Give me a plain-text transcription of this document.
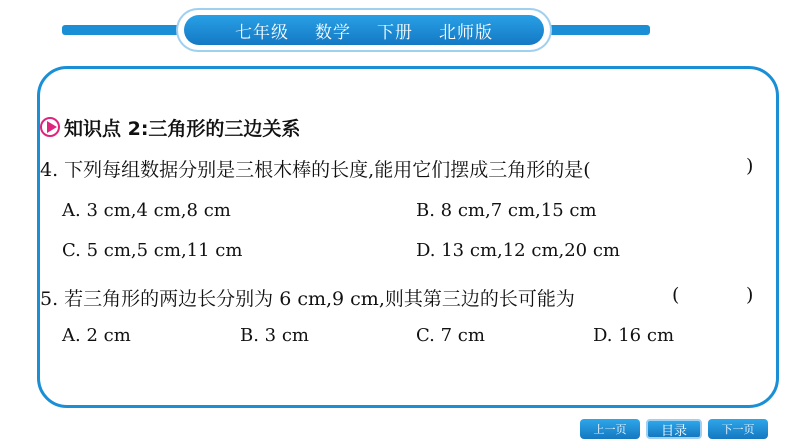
七年级 数学 下册 北师版
知识点 2:三角形的三边关系
4. 下列每组数据分别是三根木棒的长度,能用它们摆成三角形的是(	)
A. 3 cm,4 cm,8 cm	B. 8 cm,7 cm,15 cm
C. 5 cm,5 cm,11 cm	D. 13 cm,12 cm,20 cm
5. 若三角形的两边长分别为 6 cm,9 cm,则其第三边的长可能为	(	)
A. 2 cm	B. 3 cm	C. 7 cm	D. 16 cm
上一页	目录	下一页
